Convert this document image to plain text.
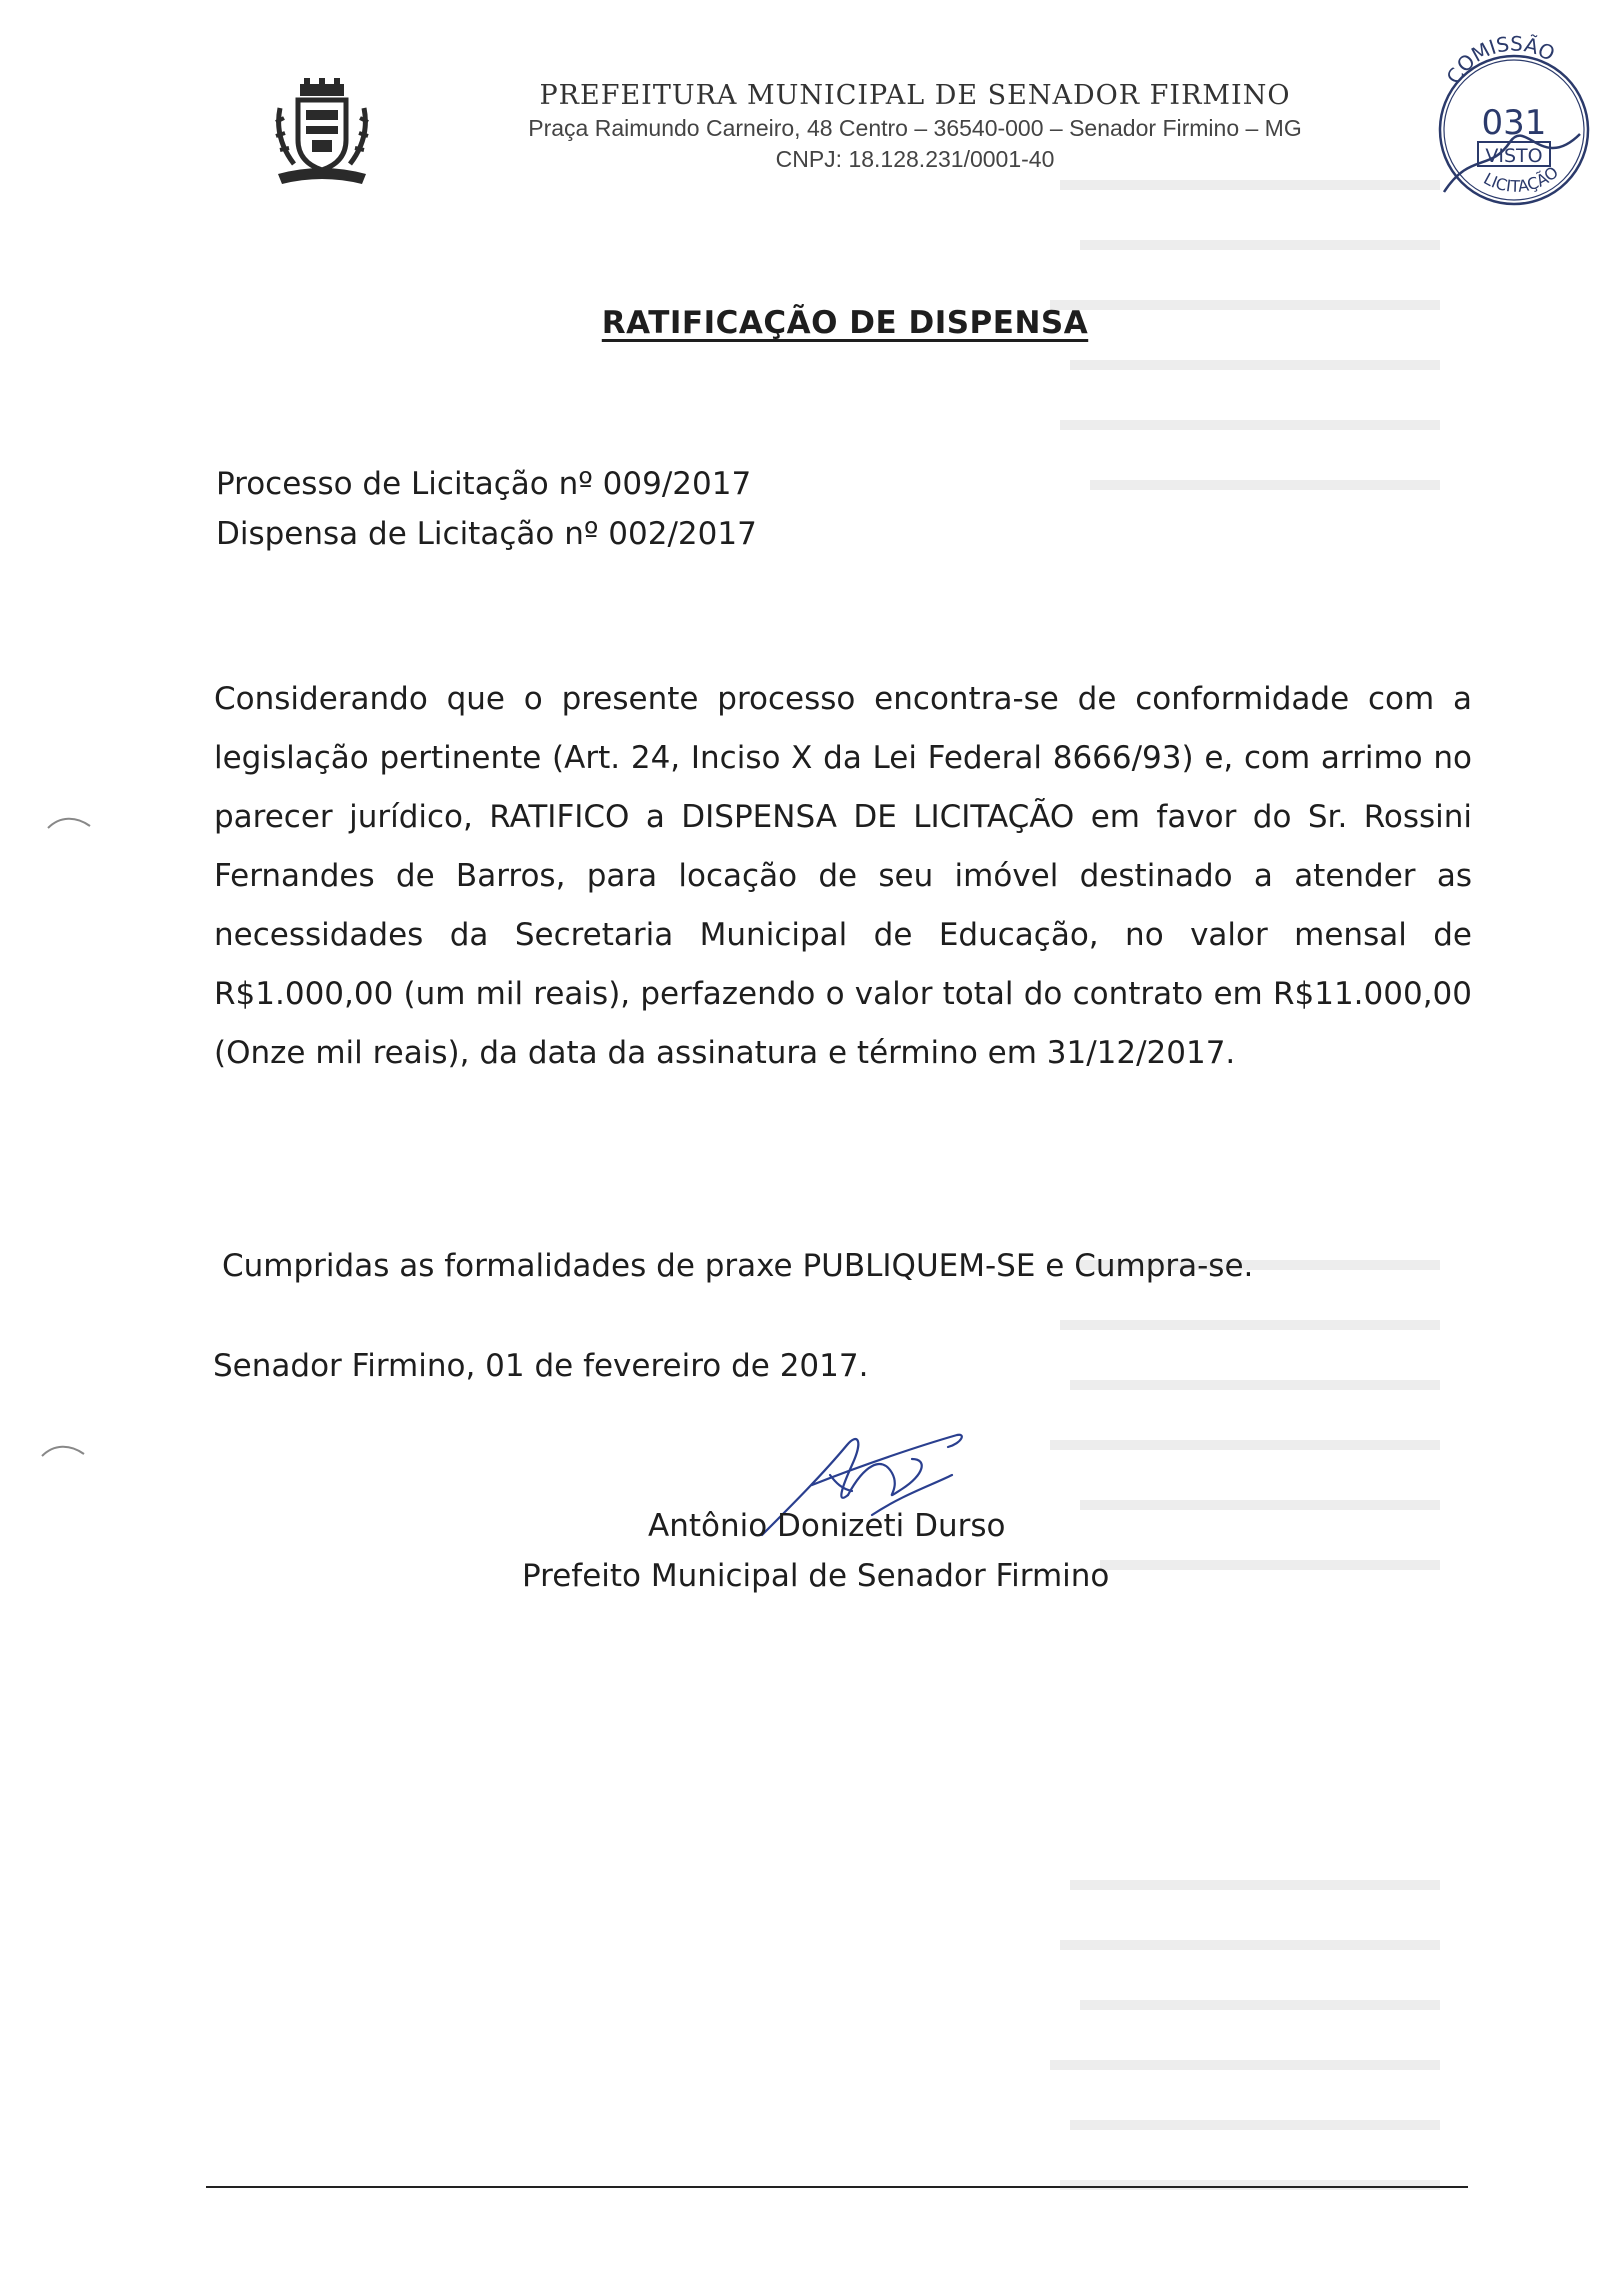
PREFEITURA MUNICIPAL DE SENADOR FIRMINO
Praça Raimundo Carneiro, 48 Centro – 36540-000 – Senador Firmino – MG
CNPJ: 18.128.231/0001-40
COMISSÃO
031
VISTO
LICITAÇÃO
RATIFICAÇÃO DE DISPENSA
Processo de Licitação nº 009/2017
Dispensa de Licitação nº 002/2017
Considerando que o presente processo encontra-se de conformidade com a legislação pertinente (Art. 24, Inciso X da Lei Federal 8666/93) e, com arrimo no parecer jurídico, RATIFICO a DISPENSA DE LICITAÇÃO em favor do Sr. Rossini Fernandes de Barros, para locação de seu imóvel destinado a atender as necessidades da Secretaria Municipal de Educação, no valor mensal de R$1.000,00 (um mil reais), perfazendo o valor total do contrato em R$11.000,00 (Onze mil reais), da data da assinatura e término em 31/12/2017.
Cumpridas as formalidades de praxe PUBLIQUEM-SE e Cumpra-se.
Senador Firmino, 01 de fevereiro de 2017.
Antônio Donizeti Durso
Prefeito Municipal de Senador Firmino
